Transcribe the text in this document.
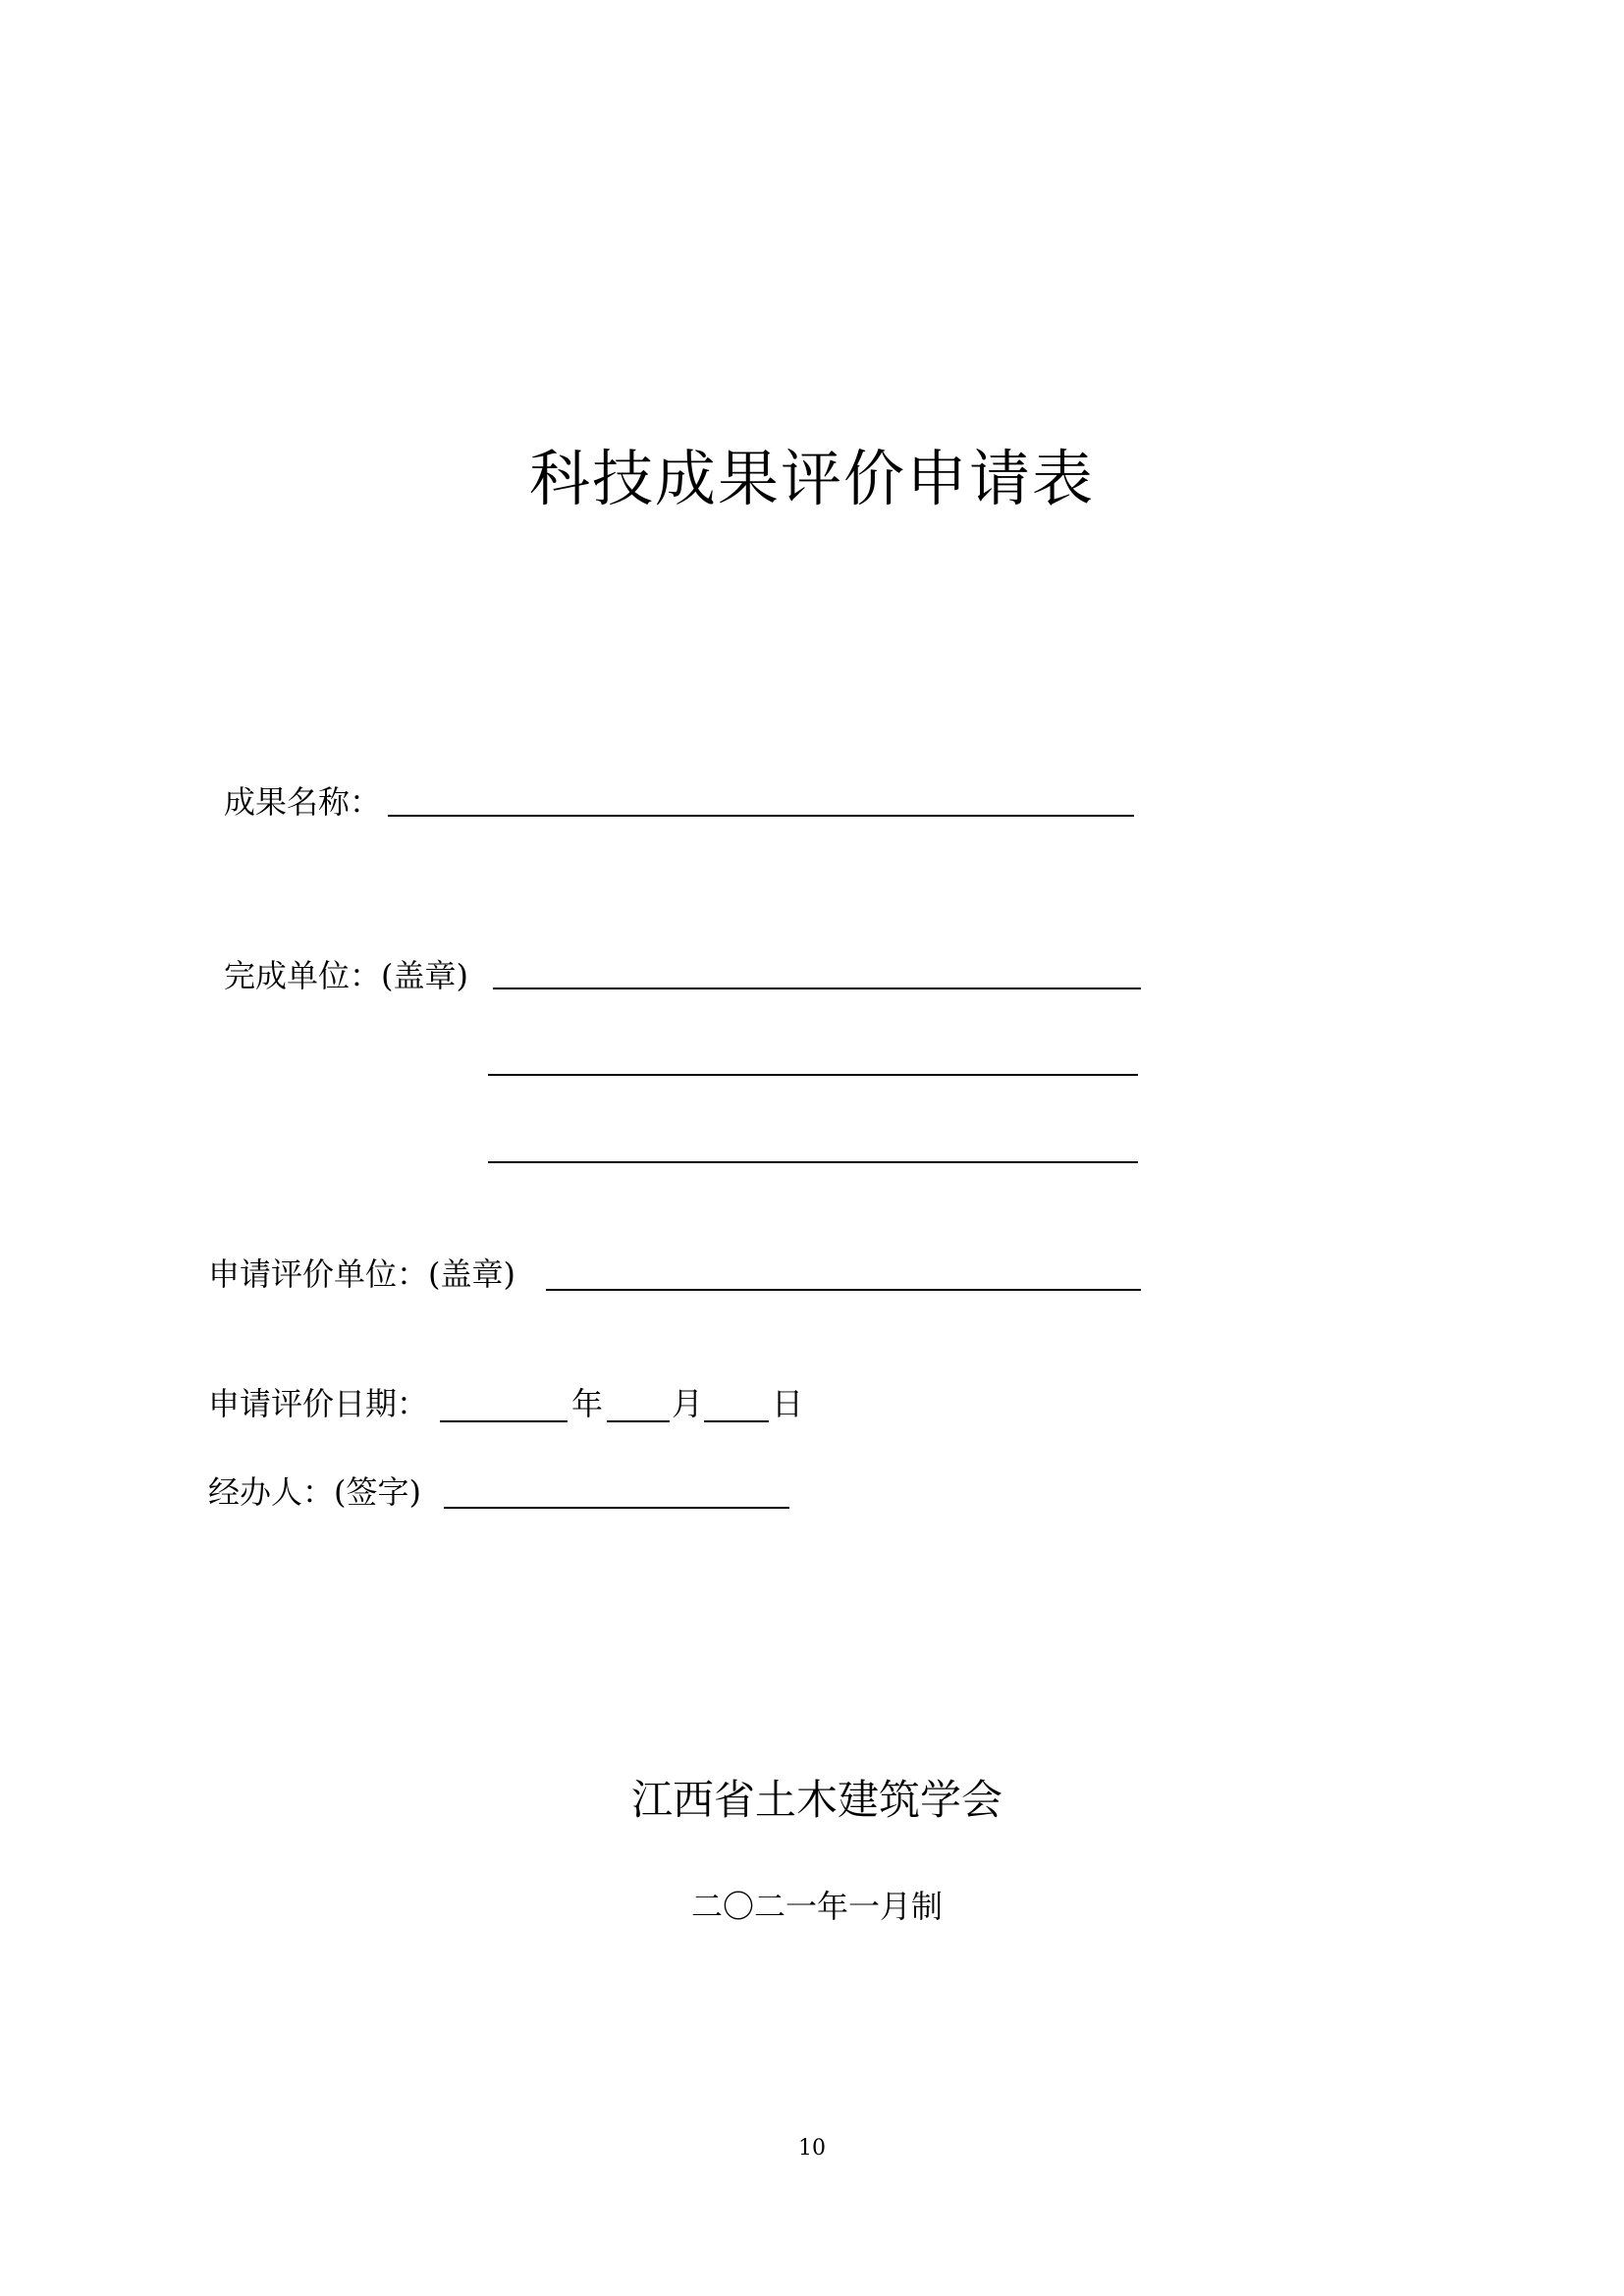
科技成果评价申请表
成果名称：
完成单位：(盖章)
申请评价单位：(盖章)
申请评价日期：	年 月 日
经办人：(签字)
江西省土木建筑学会
二〇二一年一月制
10
